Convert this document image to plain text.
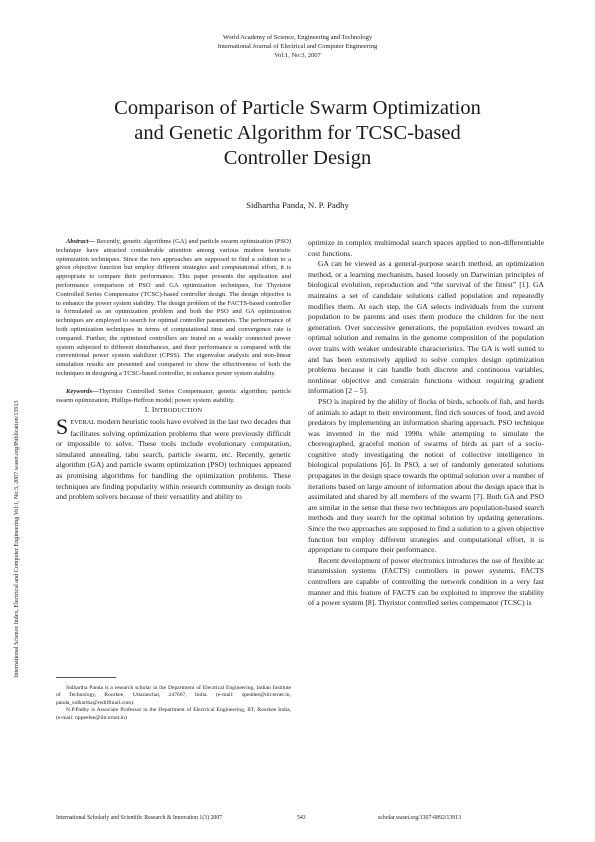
World Academy of Science, Engineering and Technology
International Journal of Electrical and Computer Engineering
Vol:1, No:3, 2007
International Science Index, Electrical and Computer Engineering Vol:1, No:3, 2007 waset.org/Publication/13913
Comparison of Particle Swarm Optimization
and Genetic Algorithm for TCSC-based
Controller Design
Sidhartha Panda, N. P. Padhy

Abstract— Recently, genetic algorithms (GA) and particle swarm optimization (PSO) technique have attracted considerable attention among various modern heuristic optimization techniques. Since the two approaches are supposed to find a solution to a given objective function but employ different strategies and computational effort, it is appropriate to compare their performance. This paper presents the application and performance comparison of PSO and GA optimization techniques, for Thyristor Controlled Series Compensator (TCSC)-based controller design. The design objective is to enhance the power system stability. The design problem of the FACTS-based controller is formulated as an optimization problem and both the PSO and GA optimization techniques are employed to search for optimal controller parameters. The performance of both optimization techniques in terms of computational time and convergence rate is compared. Further, the optimized controllers are tested on a weakly connected power system subjected to different disturbances, and their performance is compared with the conventional power system stabilizer (CPSS). The eigenvalue analysis and non-linear simulation results are presented and compared to show the effectiveness of both the techniques in designing a TCSC-based controller, to enhance power system stability.

Keywords—Thyristor Controlled Series Compensator, genetic algorithm; particle swarm optimization; Phillips-Heffron model; power system stability.

I. INTRODUCTION

SEVERAL modern heuristic tools have evolved in the last two decades that facilitates solving optimization problems that were previously difficult or impossible to solve. These tools include evolutionary computation, simulated annealing, tabu search, particle swarm, etc. Recently, genetic algorithm (GA) and particle swarm optimization (PSO) techniques appeared as promising algorithms for handling the optimization problems. These techniques are finding popularity within research community as design tools and problem solvers because of their versatility and ability to

optimize in complex multimodal search spaces applied to non-differentiable cost functions.

GA can be viewed as a general-purpose search method, an optimization method, or a learning mechanism, based loosely on Darwinian principles of biological evolution, reproduction and “the survival of the fittest” [1]. GA maintains a set of candidate solutions called population and repeatedly modifies them. At each step, the GA selects individuals from the current population to be parents and uses them produce the children for the next generation. Over successive generations, the population evolves toward an optimal solution and remains in the genome composition of the population over traits with weaker undesirable characteristics. The GA is well suited to and has been extensively applied to solve complex design optimization problems because it can handle both discrete and continuous variables, nonlinear objective and constrain functions without requiring gradient information [2 – 5].

PSO is inspired by the ability of flocks of birds, schools of fish, and herds of animals to adapt to their environment, find rich sources of food, and avoid predators by implementing an information sharing approach. PSO technique was invented in the mid 1990s while attempting to simulate the choreographed, graceful motion of swarms of birds as part of a sociocognitive study investigating the notion of collective intelligence in biological populations [6]. In PSO, a set of randomly generated solutions propagates in the design space towards the optimal solution over a number of iterations based on large amount of information about the design space that is assimilated and shared by all members of the swarm [7]. Both GA and PSO are similar in the sense that these two techniques are population-based search methods and they search for the optimal solution by updating generations. Since the two approaches are supposed to find a solution to a given objective function but employ different strategies and computational effort, it is appropriate to compare their performance.

Recent development of power electronics introduces the use of flexible ac transmission systems (FACTS) controllers in power systems. FACTS controllers are capable of controlling the network condition in a very fast manner and this feature of FACTS can be exploited to improve the stability of a power system [8]. Thyristor controlled series compensator (TCSC) is

Sidhartha Panda is a research scholar in the Department of Electrical Engineering, Indian Institute of Technology, Roorkee, Uttaranchal, 247667, India. (e-mail: speddee@iitr.ernet.in, panda_sidhartha@rediffmail.com).

N.P.Padhy is Associate Professor in the Department of Electrical Engineering, IIT, Roorkee India, (e-mail: nppeefee@iitr.ernet.in)

International Scholarly and Scientific Research & Innovation 1(3) 2007	543	scholar.waset.org/1307-6892/13913
